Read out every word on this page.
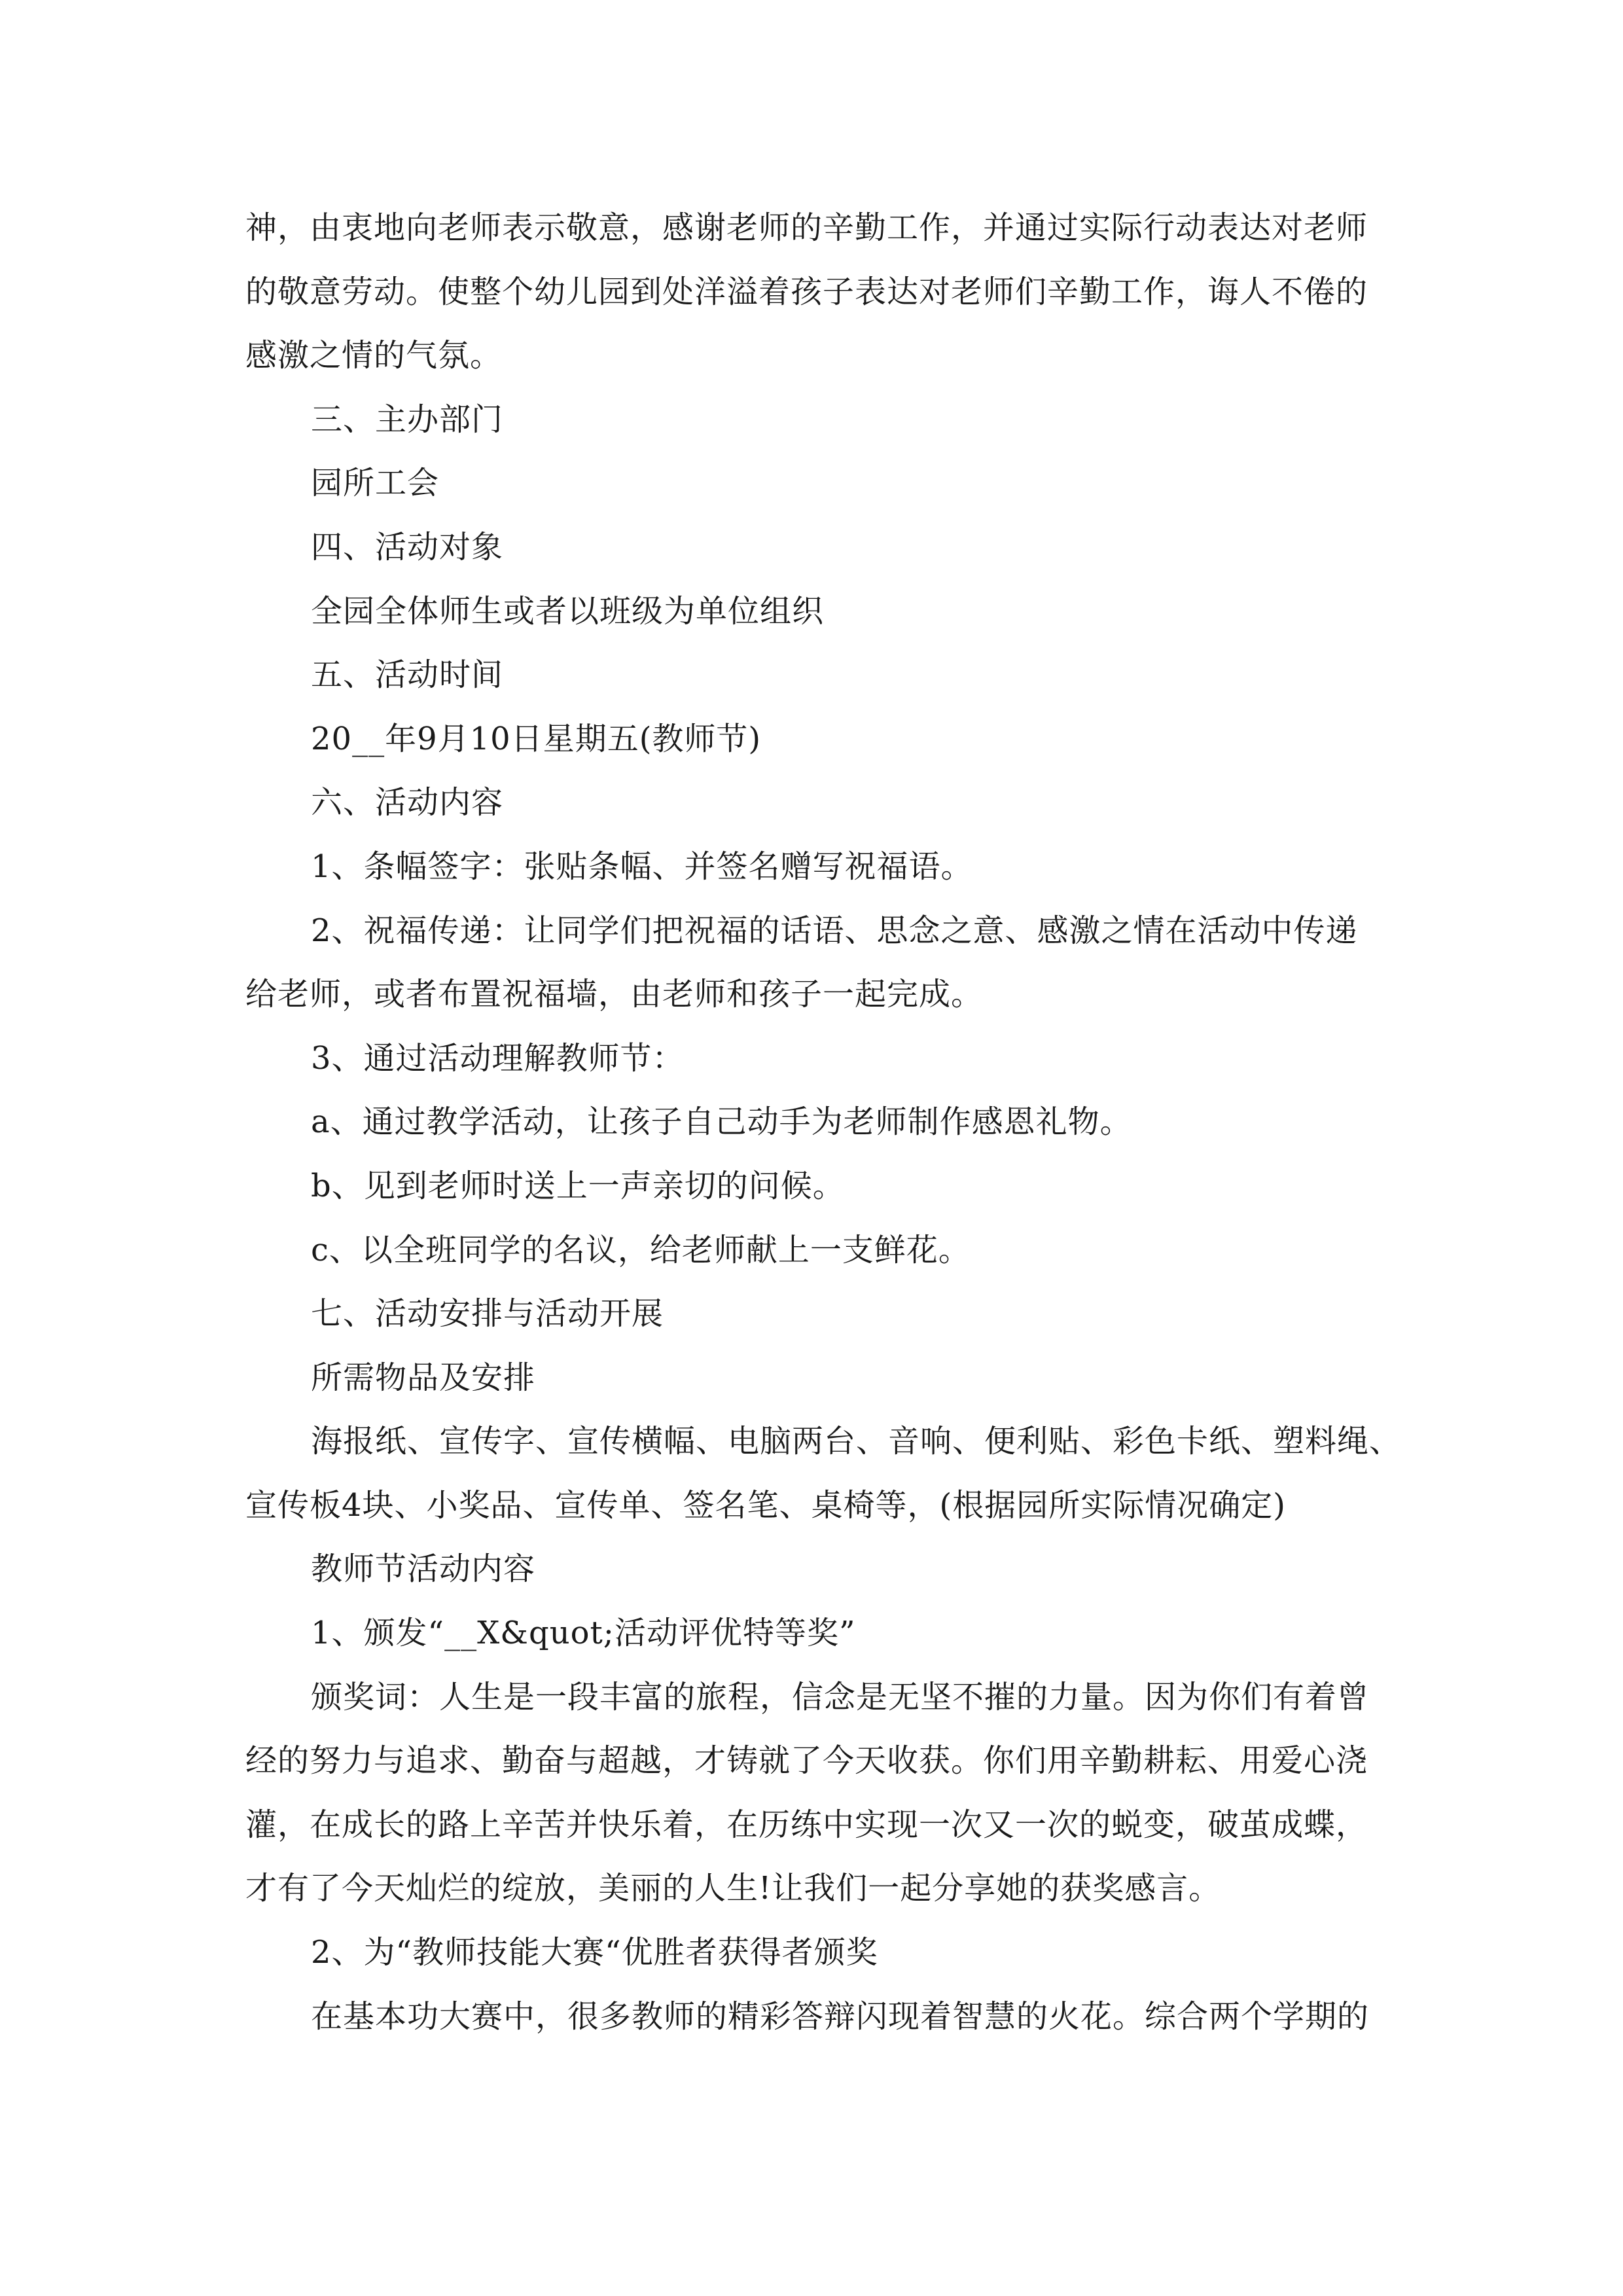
神，由衷地向老师表示敬意，感谢老师的辛勤工作，并通过实际行动表达对老师
的敬意劳动。使整个幼儿园到处洋溢着孩子表达对老师们辛勤工作，诲人不倦的
感激之情的气氛。
三、主办部门
园所工会
四、活动对象
全园全体师生或者以班级为单位组织
五、活动时间
20__年9月10日星期五(教师节)
六、活动内容
1、条幅签字：张贴条幅、并签名赠写祝福语。
2、祝福传递：让同学们把祝福的话语、思念之意、感激之情在活动中传递
给老师，或者布置祝福墙，由老师和孩子一起完成。
3、通过活动理解教师节：
a、通过教学活动，让孩子自己动手为老师制作感恩礼物。
b、见到老师时送上一声亲切的问候。
c、以全班同学的名议，给老师献上一支鲜花。
七、活动安排与活动开展
所需物品及安排
海报纸、宣传字、宣传横幅、电脑两台、音响、便利贴、彩色卡纸、塑料绳、
宣传板4块、小奖品、宣传单、签名笔、桌椅等，(根据园所实际情况确定)
教师节活动内容
1、颁发“__X&quot;活动评优特等奖”
颁奖词：人生是一段丰富的旅程，信念是无坚不摧的力量。因为你们有着曾
经的努力与追求、勤奋与超越，才铸就了今天收获。你们用辛勤耕耘、用爱心浇
灌，在成长的路上辛苦并快乐着，在历练中实现一次又一次的蜕变，破茧成蝶，
才有了今天灿烂的绽放，美丽的人生!让我们一起分享她的获奖感言。
2、为“教师技能大赛“优胜者获得者颁奖
在基本功大赛中，很多教师的精彩答辩闪现着智慧的火花。综合两个学期的
